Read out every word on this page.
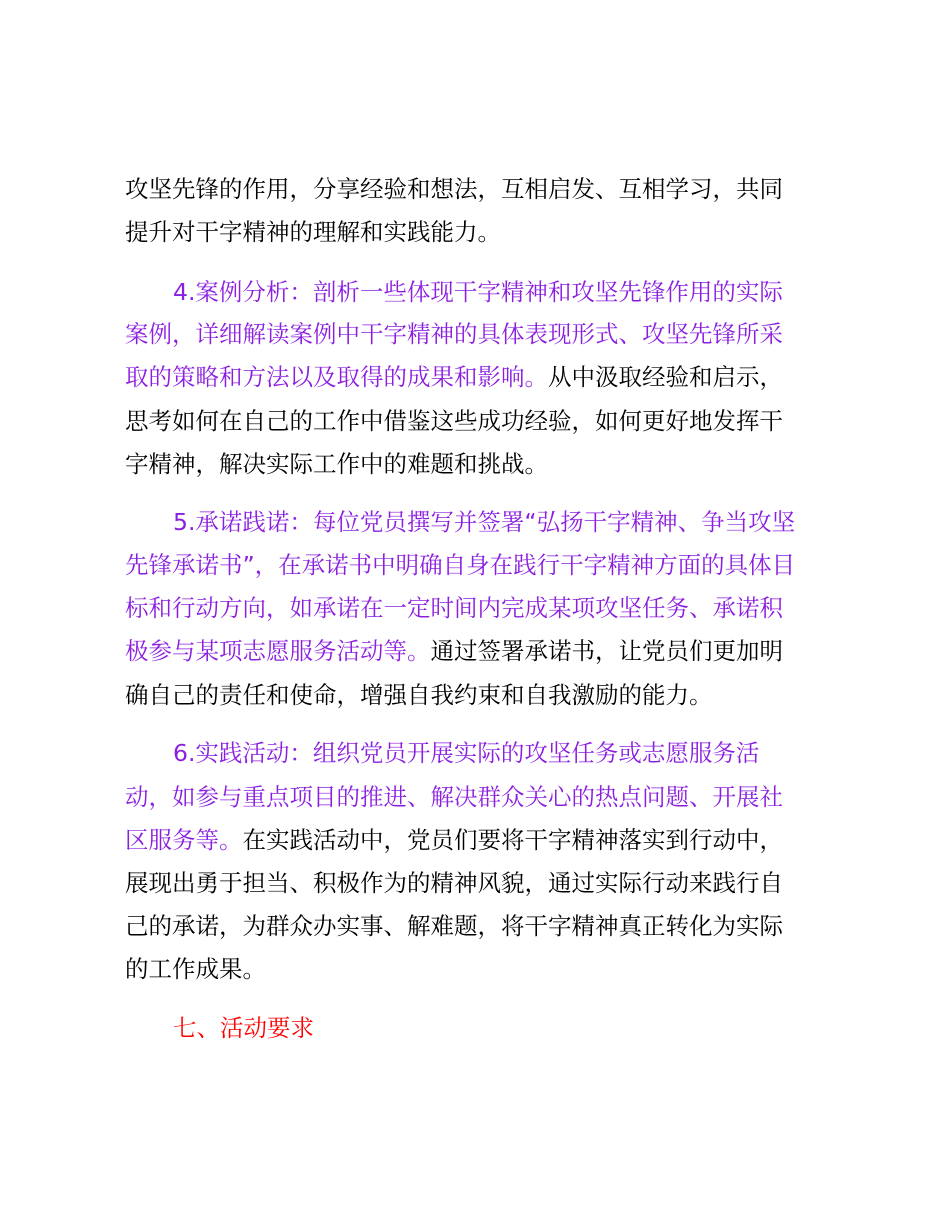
攻坚先锋的作用，分享经验和想法，互相启发、互相学习，共同
提升对干字精神的理解和实践能力。
4.案例分析：剖析一些体现干字精神和攻坚先锋作用的实际
案例，详细解读案例中干字精神的具体表现形式、攻坚先锋所采
取的策略和方法以及取得的成果和影响。从中汲取经验和启示，
思考如何在自己的工作中借鉴这些成功经验，如何更好地发挥干
字精神，解决实际工作中的难题和挑战。
5.承诺践诺：每位党员撰写并签署“弘扬干字精神、争当攻坚
先锋承诺书”，在承诺书中明确自身在践行干字精神方面的具体目
标和行动方向，如承诺在一定时间内完成某项攻坚任务、承诺积
极参与某项志愿服务活动等。通过签署承诺书，让党员们更加明
确自己的责任和使命，增强自我约束和自我激励的能力。
6.实践活动：组织党员开展实际的攻坚任务或志愿服务活
动，如参与重点项目的推进、解决群众关心的热点问题、开展社
区服务等。在实践活动中，党员们要将干字精神落实到行动中，
展现出勇于担当、积极作为的精神风貌，通过实际行动来践行自
己的承诺，为群众办实事、解难题，将干字精神真正转化为实际
的工作成果。
七、活动要求
